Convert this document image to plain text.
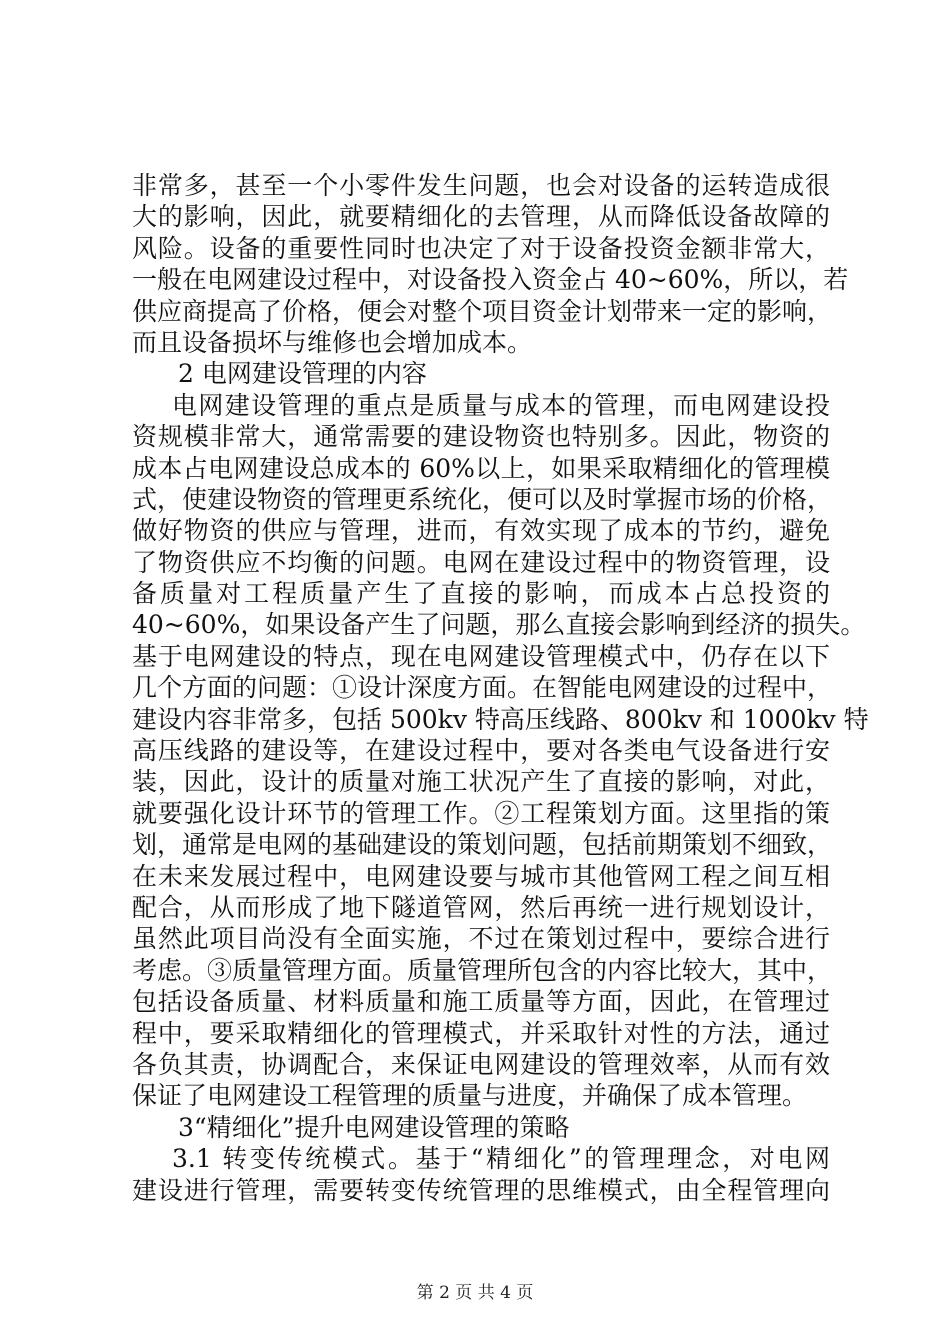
非常多，甚至一个小零件发生问题，也会对设备的运转造成很
大的影响，因此，就要精细化的去管理，从而降低设备故障的
风险。设备的重要性同时也决定了对于设备投资金额非常大，
一般在电网建设过程中，对设备投入资金占 40~60%，所以，若
供应商提高了价格，便会对整个项目资金计划带来一定的影响，
而且设备损坏与维修也会增加成本。
2 电网建设管理的内容
电网建设管理的重点是质量与成本的管理，而电网建设投
资规模非常大，通常需要的建设物资也特别多。因此，物资的
成本占电网建设总成本的 60%以上，如果采取精细化的管理模
式，使建设物资的管理更系统化，便可以及时掌握市场的价格，
做好物资的供应与管理，进而，有效实现了成本的节约，避免
了物资供应不均衡的问题。电网在建设过程中的物资管理，设
备质量对工程质量产生了直接的影响，而成本占总投资的
40~60%，如果设备产生了问题，那么直接会影响到经济的损失。
基于电网建设的特点，现在电网建设管理模式中，仍存在以下
几个方面的问题：①设计深度方面。在智能电网建设的过程中，
建设内容非常多，包括 500kv 特高压线路、800kv 和 1000kv 特
高压线路的建设等，在建设过程中，要对各类电气设备进行安
装，因此，设计的质量对施工状况产生了直接的影响，对此，
就要强化设计环节的管理工作。②工程策划方面。这里指的策
划，通常是电网的基础建设的策划问题，包括前期策划不细致，
在未来发展过程中，电网建设要与城市其他管网工程之间互相
配合，从而形成了地下隧道管网，然后再统一进行规划设计，
虽然此项目尚没有全面实施，不过在策划过程中，要综合进行
考虑。③质量管理方面。质量管理所包含的内容比较大，其中，
包括设备质量、材料质量和施工质量等方面，因此，在管理过
程中，要采取精细化的管理模式，并采取针对性的方法，通过
各负其责，协调配合，来保证电网建设的管理效率，从而有效
保证了电网建设工程管理的质量与进度，并确保了成本管理。
3“精细化”提升电网建设管理的策略
3.1 转变传统模式。基于“精细化”的管理理念，对电网
建设进行管理，需要转变传统管理的思维模式，由全程管理向
第 2 页 共 4 页
